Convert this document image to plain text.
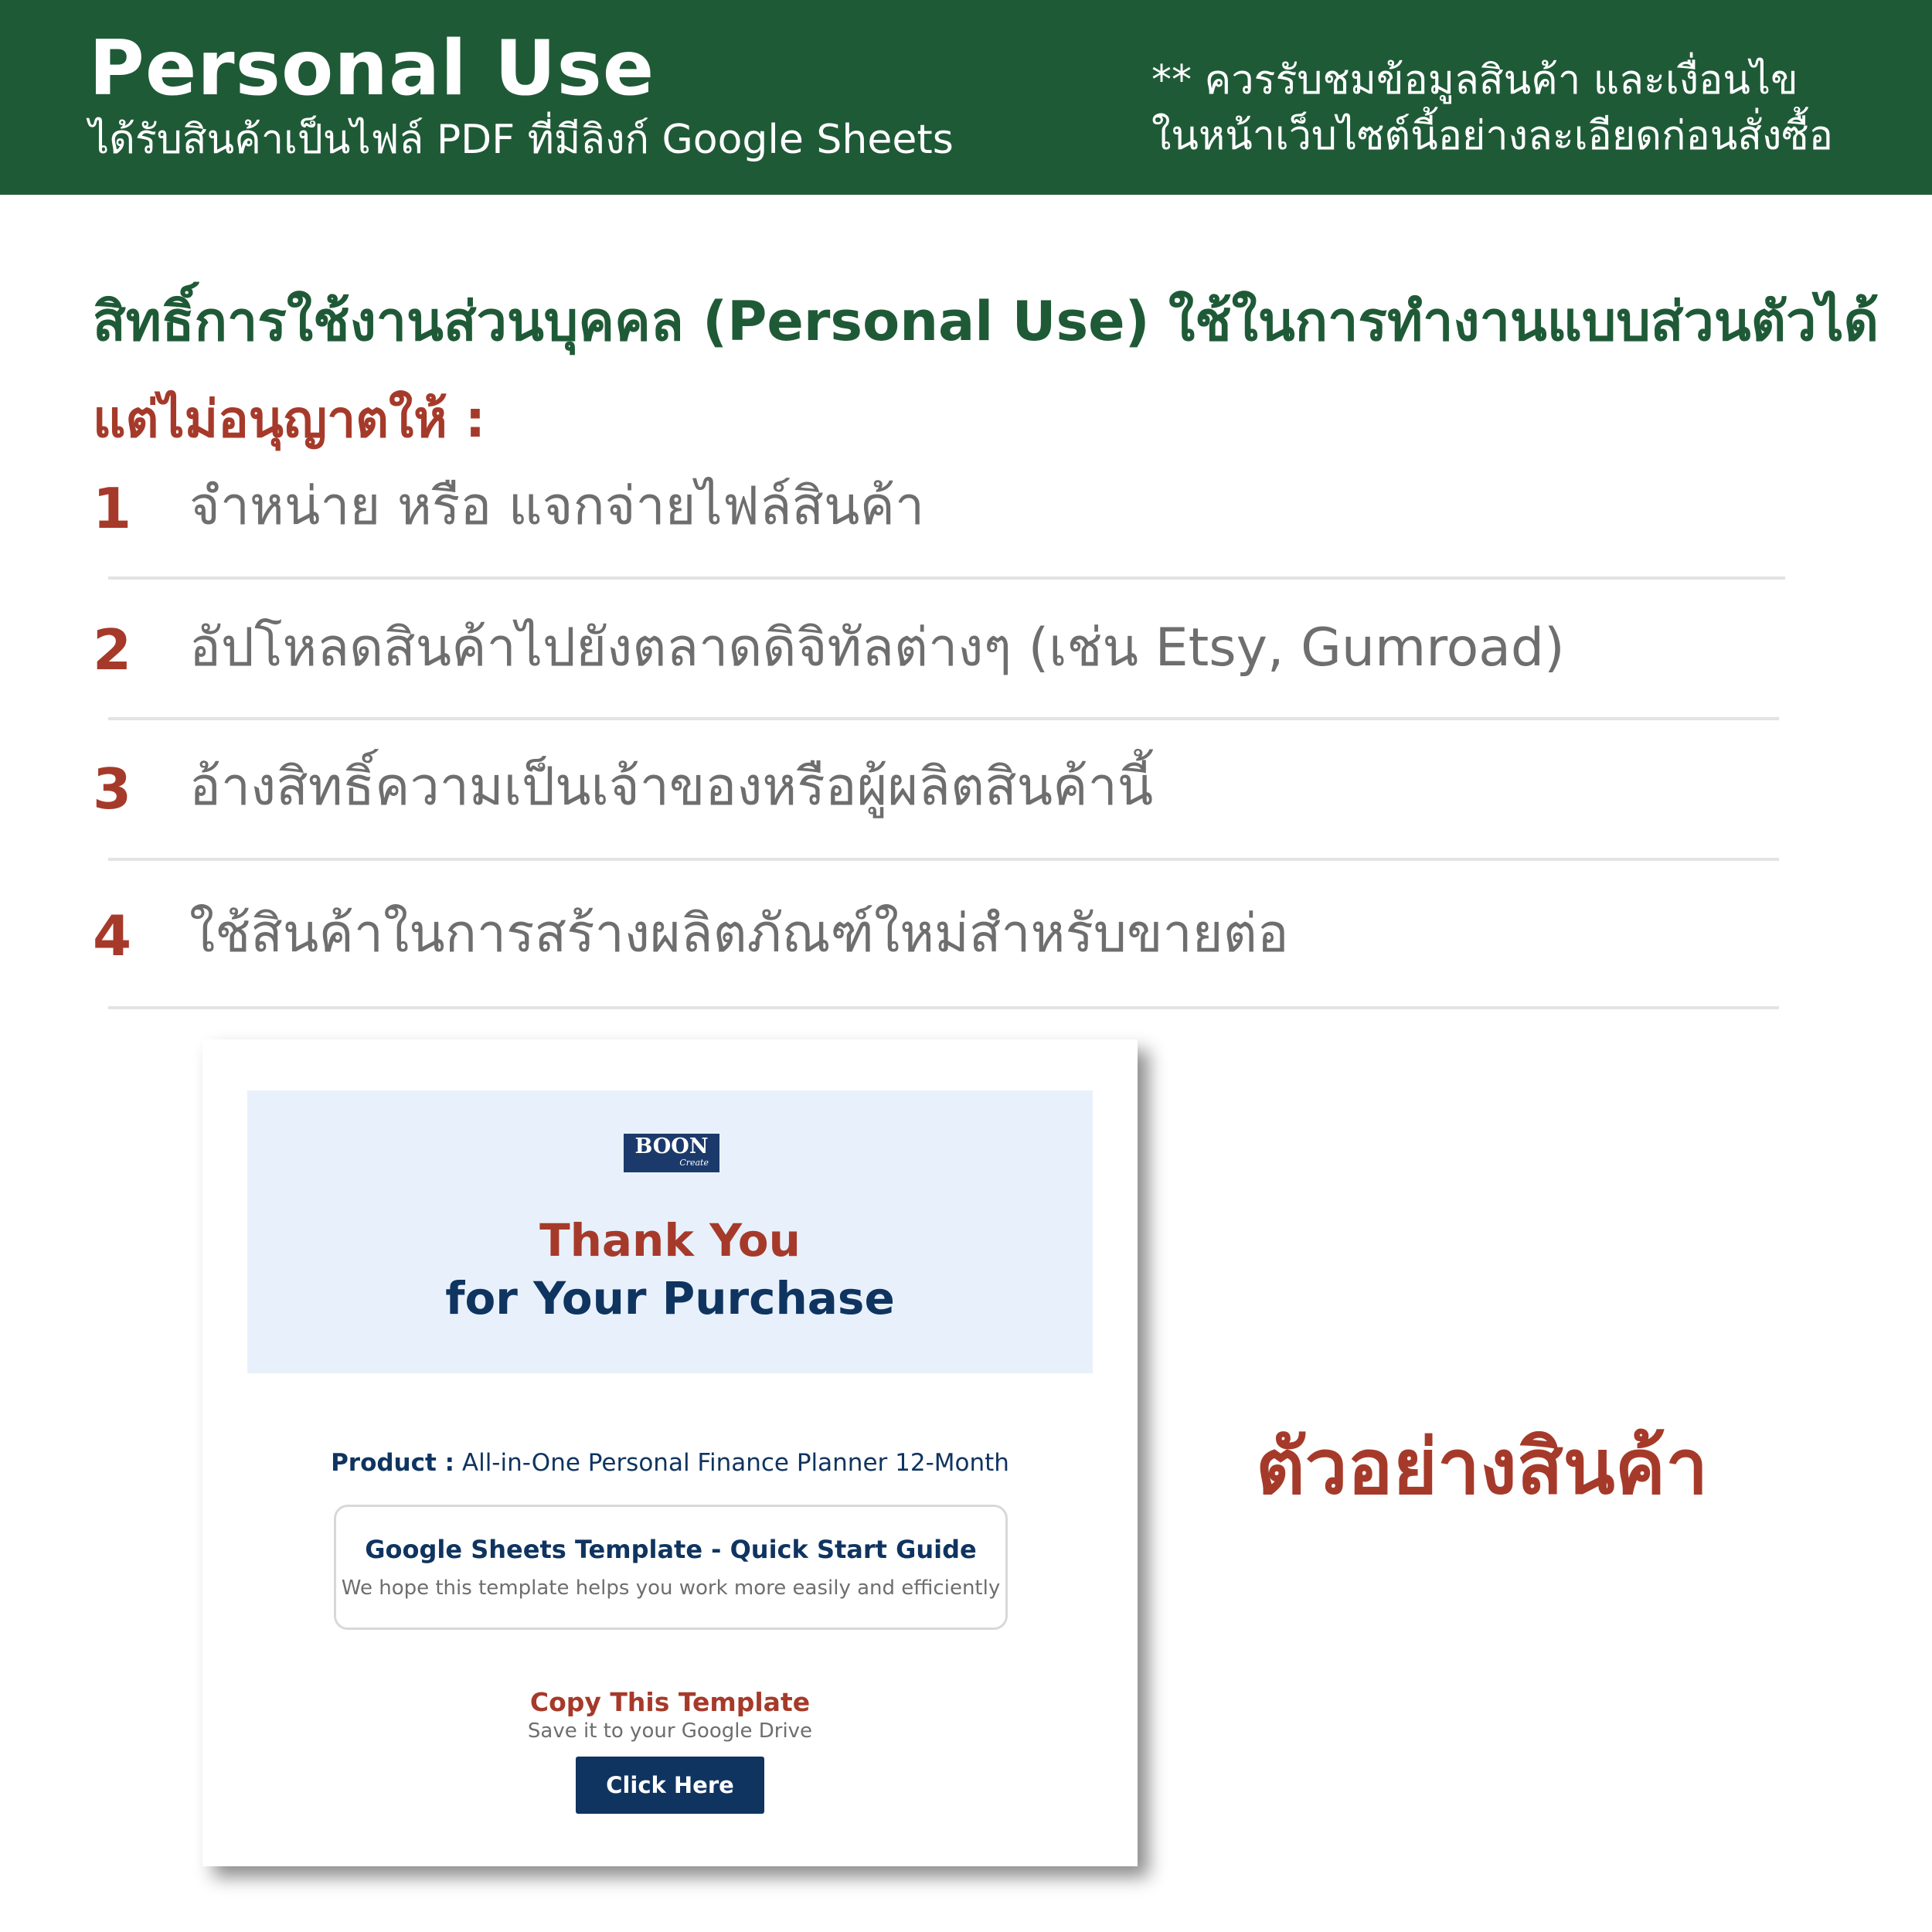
Personal Use
ได้รับสินค้าเป็นไฟล์ PDF ที่มีลิงก์ Google Sheets
** ควรรับชมข้อมูลสินค้า และเงื่อนไข
ในหน้าเว็บไซต์นี้อย่างละเอียดก่อนสั่งซื้อ
สิทธิ์การใช้งานส่วนบุคคล (Personal Use) ใช้ในการทำงานแบบส่วนตัวได้
แต่ไม่อนุญาตให้ :
1 จำหน่าย หรือ แจกจ่ายไฟล์สินค้า
2 อัปโหลดสินค้าไปยังตลาดดิจิทัลต่างๆ (เช่น Etsy, Gumroad)
3 อ้างสิทธิ์ความเป็นเจ้าของหรือผู้ผลิตสินค้านี้
4 ใช้สินค้าในการสร้างผลิตภัณฑ์ใหม่สำหรับขายต่อ
BOON
Create
Thank You
for Your Purchase
Product : All-in-One Personal Finance Planner 12-Month
Google Sheets Template - Quick Start Guide
We hope this template helps you work more easily and efficiently
Copy This Template
Save it to your Google Drive
Click Here
ตัวอย่างสินค้า
